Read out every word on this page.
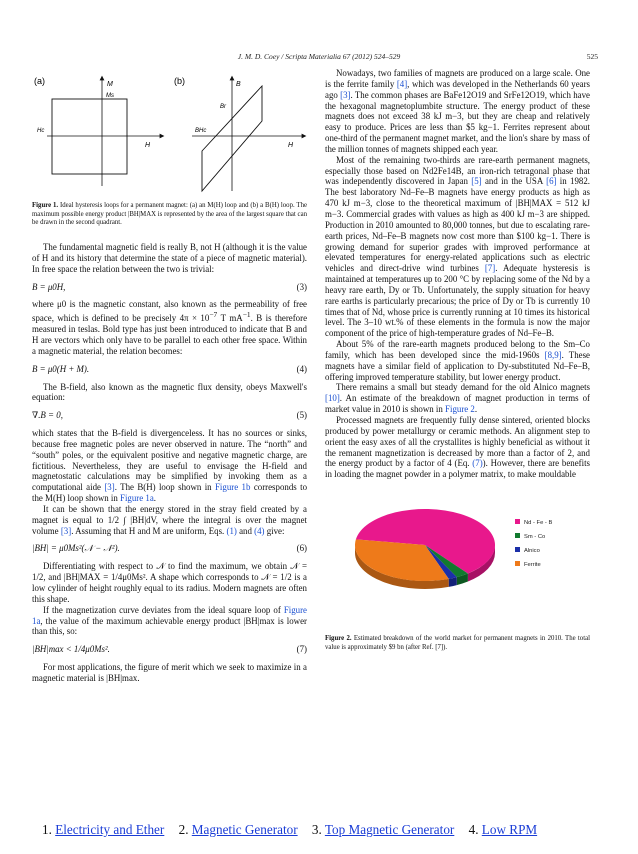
J. M. D. Coey / Scripta Materialia 67 (2012) 524–529	525
(a)	M
Ms
Hc
H
(b)	B
Br
BHc
H
Figure 1. Ideal hysteresis loops for a permanent magnet: (a) an M(H) loop and (b) a B(H) loop. The maximum possible energy product |BH|MAX is represented by the area of the largest square that can be drawn in the second quadrant.

The fundamental magnetic field is really B, not H (although it is the value of H and its history that determine the state of a piece of magnetic material). In free space the relation between the two is trivial:

B = μ0H,	(3)

where μ0 is the magnetic constant, also known as the permeability of free space, which is defined to be precisely $4\pi \times 10^{-7}$ T $mA^{-1}$. B is therefore measured in teslas. Bold type has just been introduced to indicate that B and H are vectors which only have to be parallel to each other free space. Within a magnetic material, the relation becomes:

B = μ0(H + M).	(4)

The B-field, also known as the magnetic flux density, obeys Maxwell's equation:

∇.B = 0,	(5)

which states that the B-field is divergenceless. It has no sources or sinks, because free magnetic poles are never observed in nature. The “north” and “south” poles, or the equivalent positive and negative magnetic charge, are fictitious. Nevertheless, they are useful to envisage the H-field and magnetostatic calculations may be simplified by invoking them as a computational aide [3]. The B(H) loop shown in Figure 1b corresponds to the M(H) loop shown in Figure 1a.

It can be shown that the energy stored in the stray field created by a magnet is equal to 1/2 ∫ |BH|dV, where the integral is over the magnet volume [3]. Assuming that H and M are uniform, Eqs. (1) and (4) give:

|BH| = μ0Ms²(𝒩 − 𝒩²).	(6)

Differentiating with respect to 𝒩 to find the maximum, we obtain 𝒩 = 1/2, and |BH|MAX = 1/4μ0Ms². A shape which corresponds to 𝒩 = 1/2 is a low cylinder of height roughly equal to its radius. Modern magnets are often this shape.

If the magnetization curve deviates from the ideal square loop of Figure 1a, the value of the maximum achievable energy product |BH|max is lower than this, so:

|BH|max < 1/4μ0Ms².	(7)

For most applications, the figure of merit which we seek to maximize in a magnetic material is |BH|max.

Nowadays, two families of magnets are produced on a large scale. One is the ferrite family [4], which was developed in the Netherlands 60 years ago [3]. The common phases are BaFe12O19 and SrFe12O19, which have the hexagonal magnetoplumbite structure. The energy product of these magnets does not exceed 38 kJ m−3, but they are cheap and relatively easy to produce. Prices are less than $5 kg−1. Ferrites represent about one-third of the permanent magnet market, and the lion's share by mass of the million tonnes of magnets shipped each year.

Most of the remaining two-thirds are rare-earth permanent magnets, especially those based on Nd2Fe14B, an iron-rich tetragonal phase that was independently discovered in Japan [5] and in the USA [6] in 1982. The best laboratory Nd–Fe–B magnets have energy products as high as 470 kJ m−3, close to the theoretical maximum of |BH|MAX = 512 kJ m−3. Commercial grades with values as high as 400 kJ m−3 are shipped. Production in 2010 amounted to 80,000 tonnes, but due to escalating rare-earth prices, Nd–Fe–B magnets now cost more than $100 kg−1. There is growing demand for superior grades with improved performance at elevated temperatures for energy-related applications such as electric vehicles and direct-drive wind turbines [7]. Adequate hysteresis is maintained at temperatures up to 200 °C by replacing some of the Nd by a heavy rare earth, Dy or Tb. Unfortunately, the supply situation for heavy rare earths is particularly precarious; the price of Dy or Tb is currently 10 times that of Nd, whose price is currently running at 10 times its historical level. The 3–10 wt.% of these elements in the formula is now the major component of the price of high-temperature grades of Nd–Fe–B.

About 5% of the rare-earth magnets produced belong to the Sm–Co family, which has been developed since the mid-1960s [8,9]. These magnets have a similar field of application to Dy-substituted Nd–Fe–B, offering improved temperature stability, but lower energy product.

There remains a small but steady demand for the old Alnico magnets [10]. An estimate of the breakdown of magnet production in terms of market value in 2010 is shown in Figure 2.

Processed magnets are frequently fully dense sintered, oriented blocks produced by power metallurgy or ceramic methods. An alignment step to orient the easy axes of all the crystallites is highly beneficial as without it the remanent magnetization is decreased by more than a factor of 2, and the energy product by a factor of 4 (Eq. (7)). However, there are benefits in loading the magnet powder in a polymer matrix, to make mouldable

Nd - Fe - B
Sm - Co
Alnico
Ferrite
Figure 2. Estimated breakdown of the world market for permanent magnets in 2010. The total value is approximately $9 bn (after Ref. [7]).
1. Electricity and Ether 2. Magnetic Generator 3. Top Magnetic Generator 4. Low RPM
